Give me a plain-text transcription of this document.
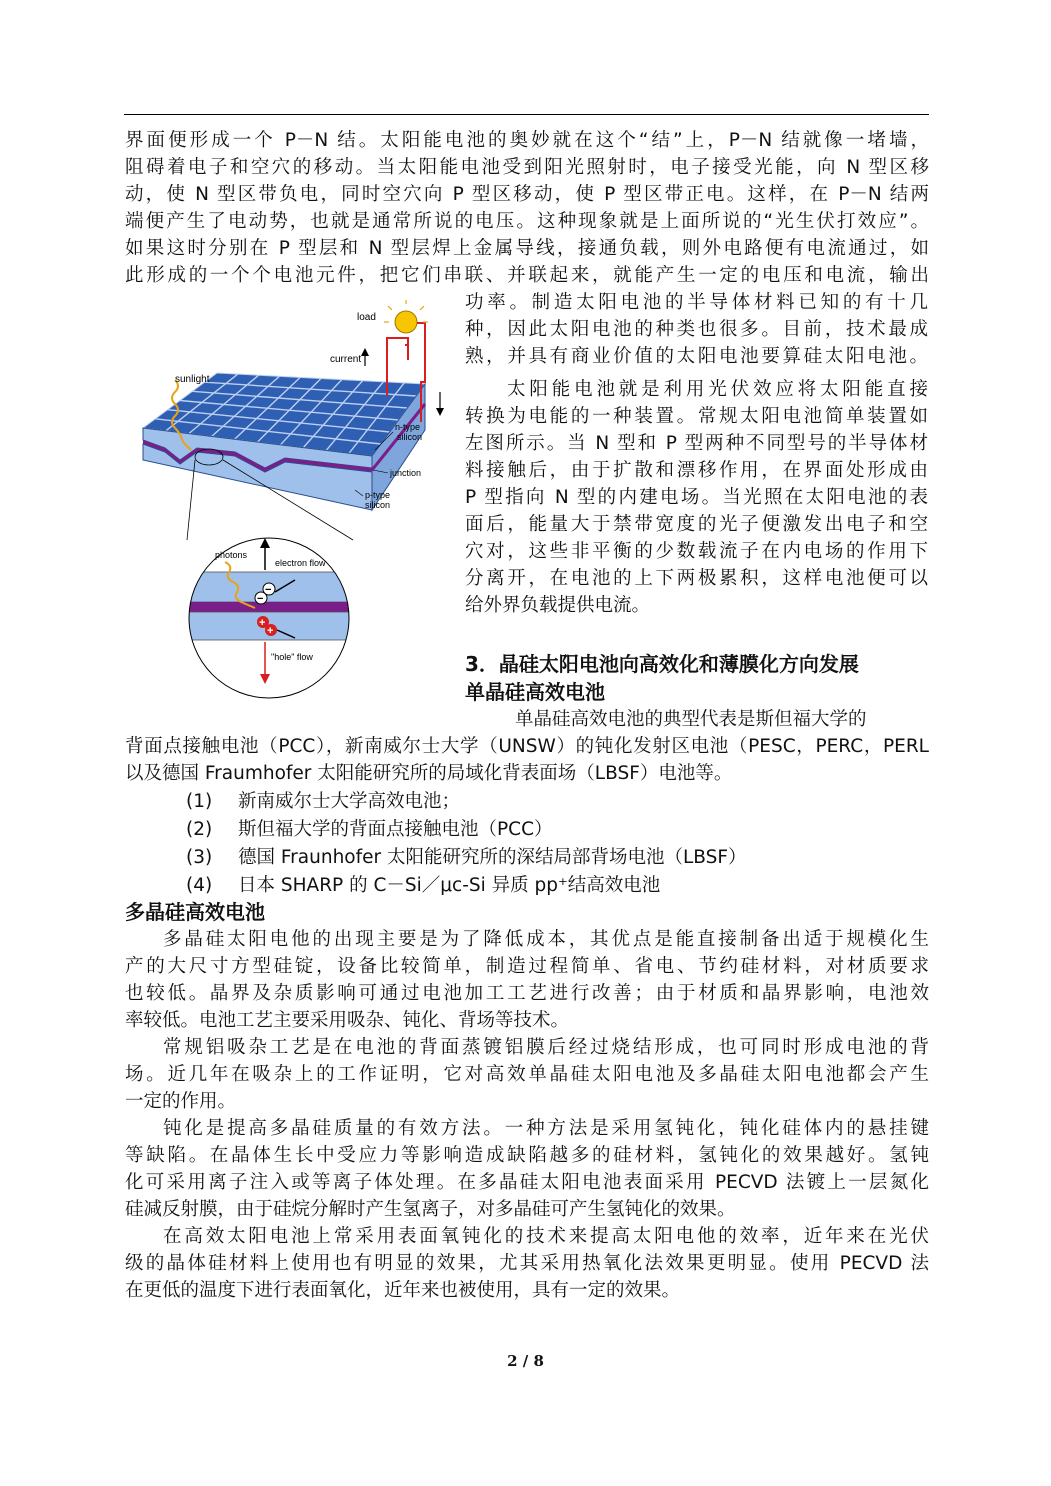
界面便形成一个 P－N 结。太阳能电池的奥妙就在这个“结”上，P－N 结就像一堵墙，
阻碍着电子和空穴的移动。当太阳能电池受到阳光照射时，电子接受光能，向 N 型区移
动，使 N 型区带负电，同时空穴向 P 型区移动，使 P 型区带正电。这样，在 P－N 结两
端便产生了电动势，也就是通常所说的电压。这种现象就是上面所说的“光生伏打效应”。
如果这时分别在 P 型层和 N 型层焊上金属导线，接通负载，则外电路便有电流通过，如
此形成的一个个电池元件，把它们串联、并联起来，就能产生一定的电压和电流，输出
功率。制造太阳电池的半导体材料已知的有十几
种，因此太阳电池的种类也很多。目前，技术最成
熟，并具有商业价值的太阳电池要算硅太阳电池。
太阳能电池就是利用光伏效应将太阳能直接
转换为电能的一种装置。常规太阳电池简单装置如
左图所示。当 N 型和 P 型两种不同型号的半导体材
料接触后，由于扩散和漂移作用，在界面处形成由
P 型指向 N 型的内建电场。当光照在太阳电池的表
面后，能量大于禁带宽度的光子便激发出电子和空
穴对，这些非平衡的少数载流子在内电场的作用下
分离开，在电池的上下两极累积，这样电池便可以
给外界负载提供电流。
load
current
sunlight
n-type
silicon
junction
p-type
silicon
−
−
+
+
photons
electron flow
"hole" flow	3．晶硅太阳电池向高效化和薄膜化方向发展
单晶硅高效电池
单晶硅高效电池的典型代表是斯但福大学的
背面点接触电池（PCC），新南威尔士大学（UNSW）的钝化发射区电池（PESC，PERC，PERL
以及德国 Fraumhofer 太阳能研究所的局域化背表面场（LBSF）电池等。
(1) 新南威尔士大学高效电池；
(2) 斯但福大学的背面点接触电池（PCC）
(3) 德国 Fraunhofer 太阳能研究所的深结局部背场电池（LBSF）
(4) 日本 SHARP 的 C－Si／μc-Si 异质 pp⁺结高效电池
多晶硅高效电池
多晶硅太阳电他的出现主要是为了降低成本，其优点是能直接制备出适于规模化生
产的大尺寸方型硅锭，设备比较简单，制造过程简单、省电、节约硅材料，对材质要求
也较低。晶界及杂质影响可通过电池加工工艺进行改善；由于材质和晶界影响，电池效
率较低。电池工艺主要采用吸杂、钝化、背场等技术。
常规铝吸杂工艺是在电池的背面蒸镀铝膜后经过烧结形成，也可同时形成电池的背
场。近几年在吸杂上的工作证明，它对高效单晶硅太阳电池及多晶硅太阳电池都会产生
一定的作用。
钝化是提高多晶硅质量的有效方法。一种方法是采用氢钝化，钝化硅体内的悬挂键
等缺陷。在晶体生长中受应力等影响造成缺陷越多的硅材料，氢钝化的效果越好。氢钝
化可采用离子注入或等离子体处理。在多晶硅太阳电池表面采用 PECVD 法镀上一层氮化
硅减反射膜，由于硅烷分解时产生氢离子，对多晶硅可产生氢钝化的效果。
在高效太阳电池上常采用表面氧钝化的技术来提高太阳电他的效率，近年来在光伏
级的晶体硅材料上使用也有明显的效果，尤其采用热氧化法效果更明显。使用 PECVD 法
在更低的温度下进行表面氧化，近年来也被使用，具有一定的效果。
2 / 8
